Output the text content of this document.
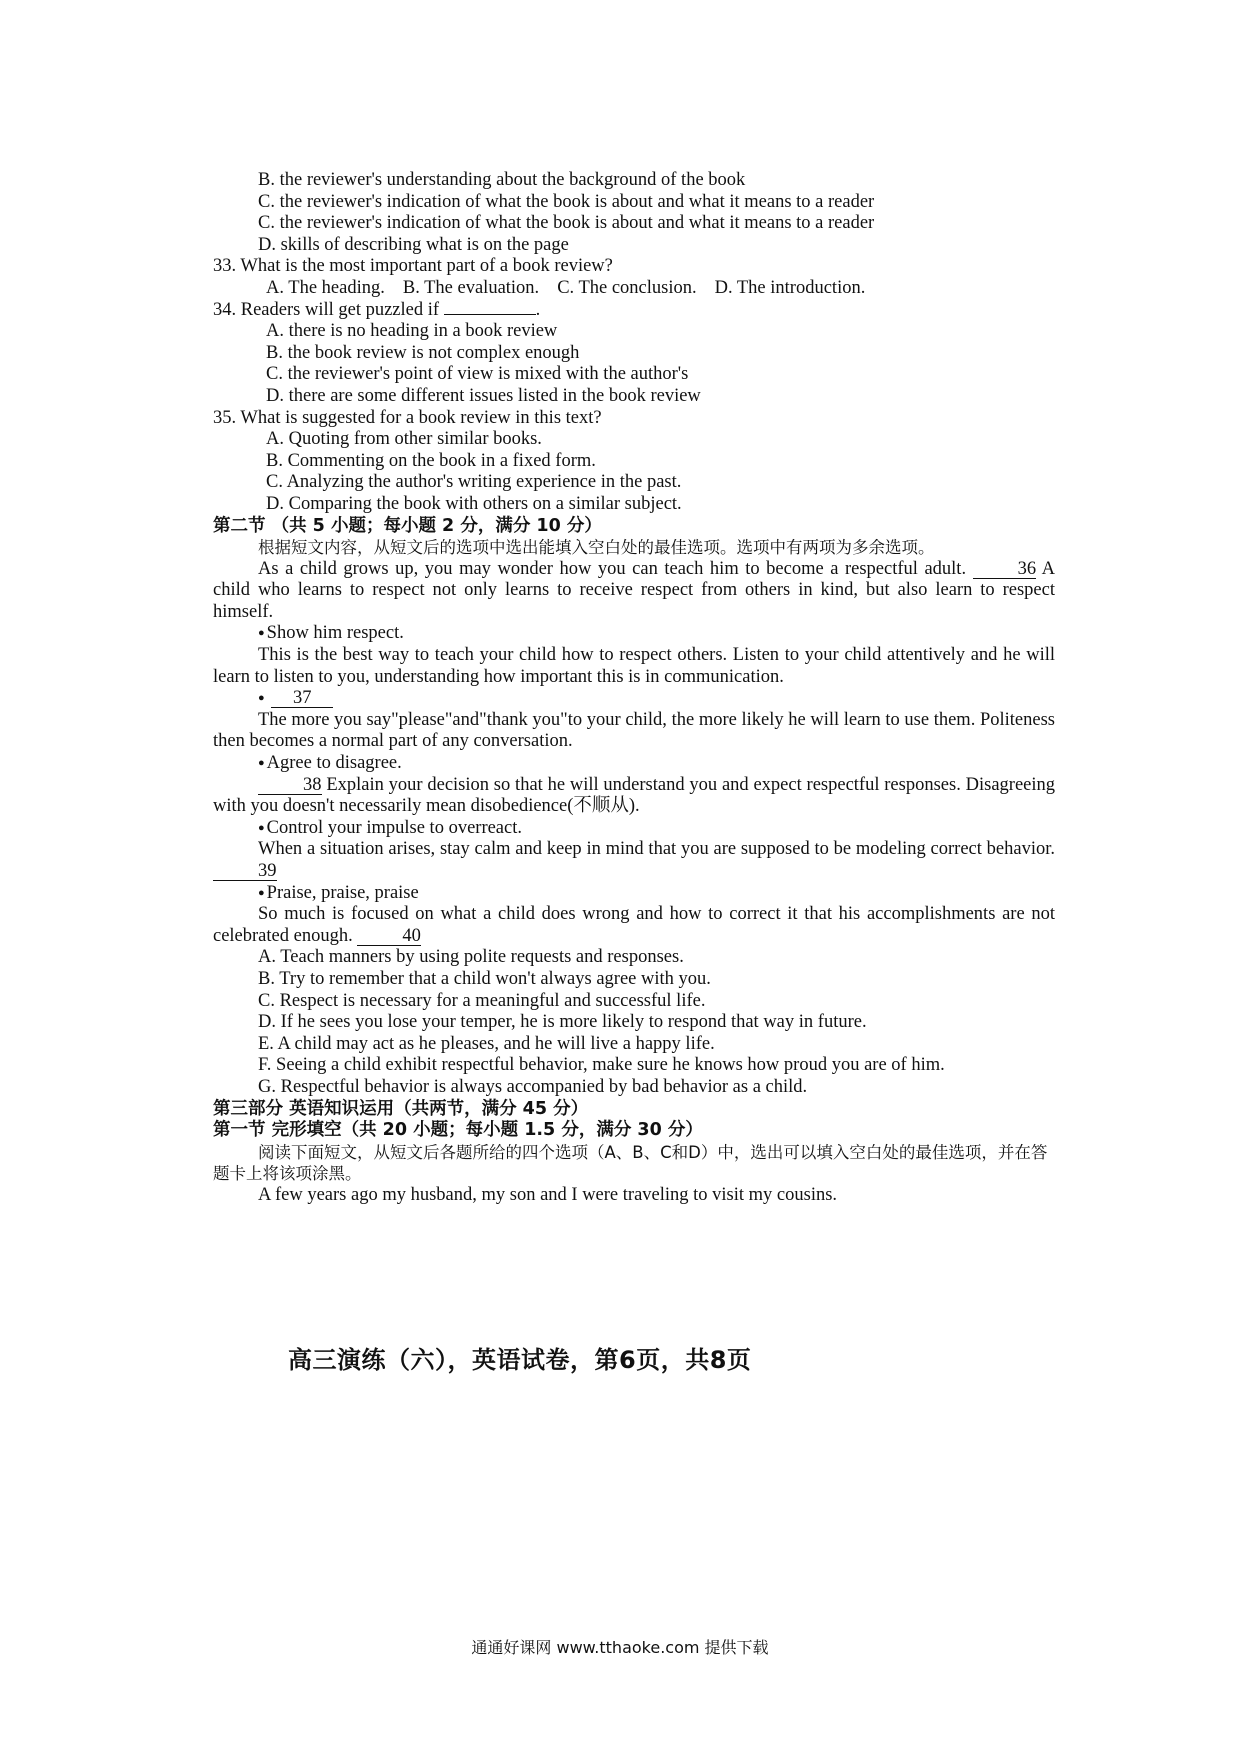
B. the reviewer's understanding about the background of the book

C. the reviewer's indication of what the book is about and what it means to a reader

C. the reviewer's indication of what the book is about and what it means to a reader

D. skills of describing what is on the page

33. What is the most important part of a book review?

A. The heading. B. The evaluation. C. The conclusion. D. The introduction.

34. Readers will get puzzled if	.

A. there is no heading in a book review

B. the book review is not complex enough

C. the reviewer's point of view is mixed with the author's

D. there are some different issues listed in the book review

35. What is suggested for a book review in this text?

A. Quoting from other similar books.

B. Commenting on the book in a fixed form.

C. Analyzing the author's writing experience in the past.

D. Comparing the book with others on a similar subject.

第二节 （共 5 小题；每小题 2 分，满分 10 分）

根据短文内容，从短文后的选项中选出能填入空白处的最佳选项。选项中有两项为多余选项。

As a child grows up, you may wonder how you can teach him to become a respectful adult.	36 A child who learns to respect not only learns to receive respect from others in kind, but also learn to respect himself.

● Show him respect.

This is the best way to teach your child how to respect others. Listen to your child attentively and he will learn to listen to you, understanding how important this is in communication.

● 37

The more you say"please"and"thank you"to your child, the more likely he will learn to use them. Politeness then becomes a normal part of any conversation.

● Agree to disagree.

38 Explain your decision so that he will understand you and expect respectful responses. Disagreeing with you doesn't necessarily mean disobedience(不顺从).

● Control your impulse to overreact.

When a situation arises, stay calm and keep in mind that you are supposed to be modeling correct behavior. 39

● Praise, praise, praise

So much is focused on what a child does wrong and how to correct it that his accomplishments are not celebrated enough.	40

A. Teach manners by using polite requests and responses.

B. Try to remember that a child won't always agree with you.

C. Respect is necessary for a meaningful and successful life.

D. If he sees you lose your temper, he is more likely to respond that way in future.

E. A child may act as he pleases, and he will live a happy life.

F. Seeing a child exhibit respectful behavior, make sure he knows how proud you are of him.

G. Respectful behavior is always accompanied by bad behavior as a child.

第三部分 英语知识运用（共两节，满分 45 分）

第一节 完形填空（共 20 小题；每小题 1.5 分，满分 30 分）

阅读下面短文，从短文后各题所给的四个选项（A、B、C和D）中，选出可以填入空白处的最佳选项，并在答题卡上将该项涂黑。

A few years ago my husband, my son and I were traveling to visit my cousins.

高三演练（六），英语试卷，第6页，共8页
通通好课网 www.tthaoke.com 提供下载
